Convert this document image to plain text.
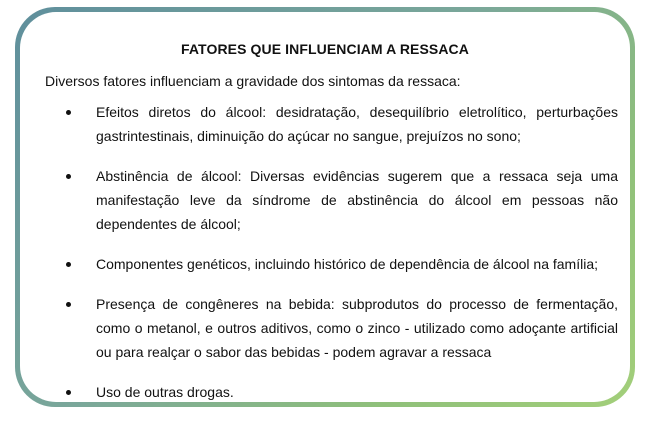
FATORES QUE INFLUENCIAM A RESSACA
Diversos fatores influenciam a gravidade dos sintomas da ressaca:
Efeitos diretos do álcool: desidratação, desequilíbrio eletrolítico, perturbações gastrintestinais, diminuição do açúcar no sangue, prejuízos no sono;
Abstinência de álcool: Diversas evidências sugerem que a ressaca seja uma manifestação leve da síndrome de abstinência do álcool em pessoas não dependentes de álcool;
Componentes genéticos, incluindo histórico de dependência de álcool na família;
Presença de congêneres na bebida: subprodutos do processo de fermentação, como o metanol, e outros aditivos, como o zinco - utilizado como adoçante artificial ou para realçar o sabor das bebidas - podem agravar a ressaca
Uso de outras drogas.
